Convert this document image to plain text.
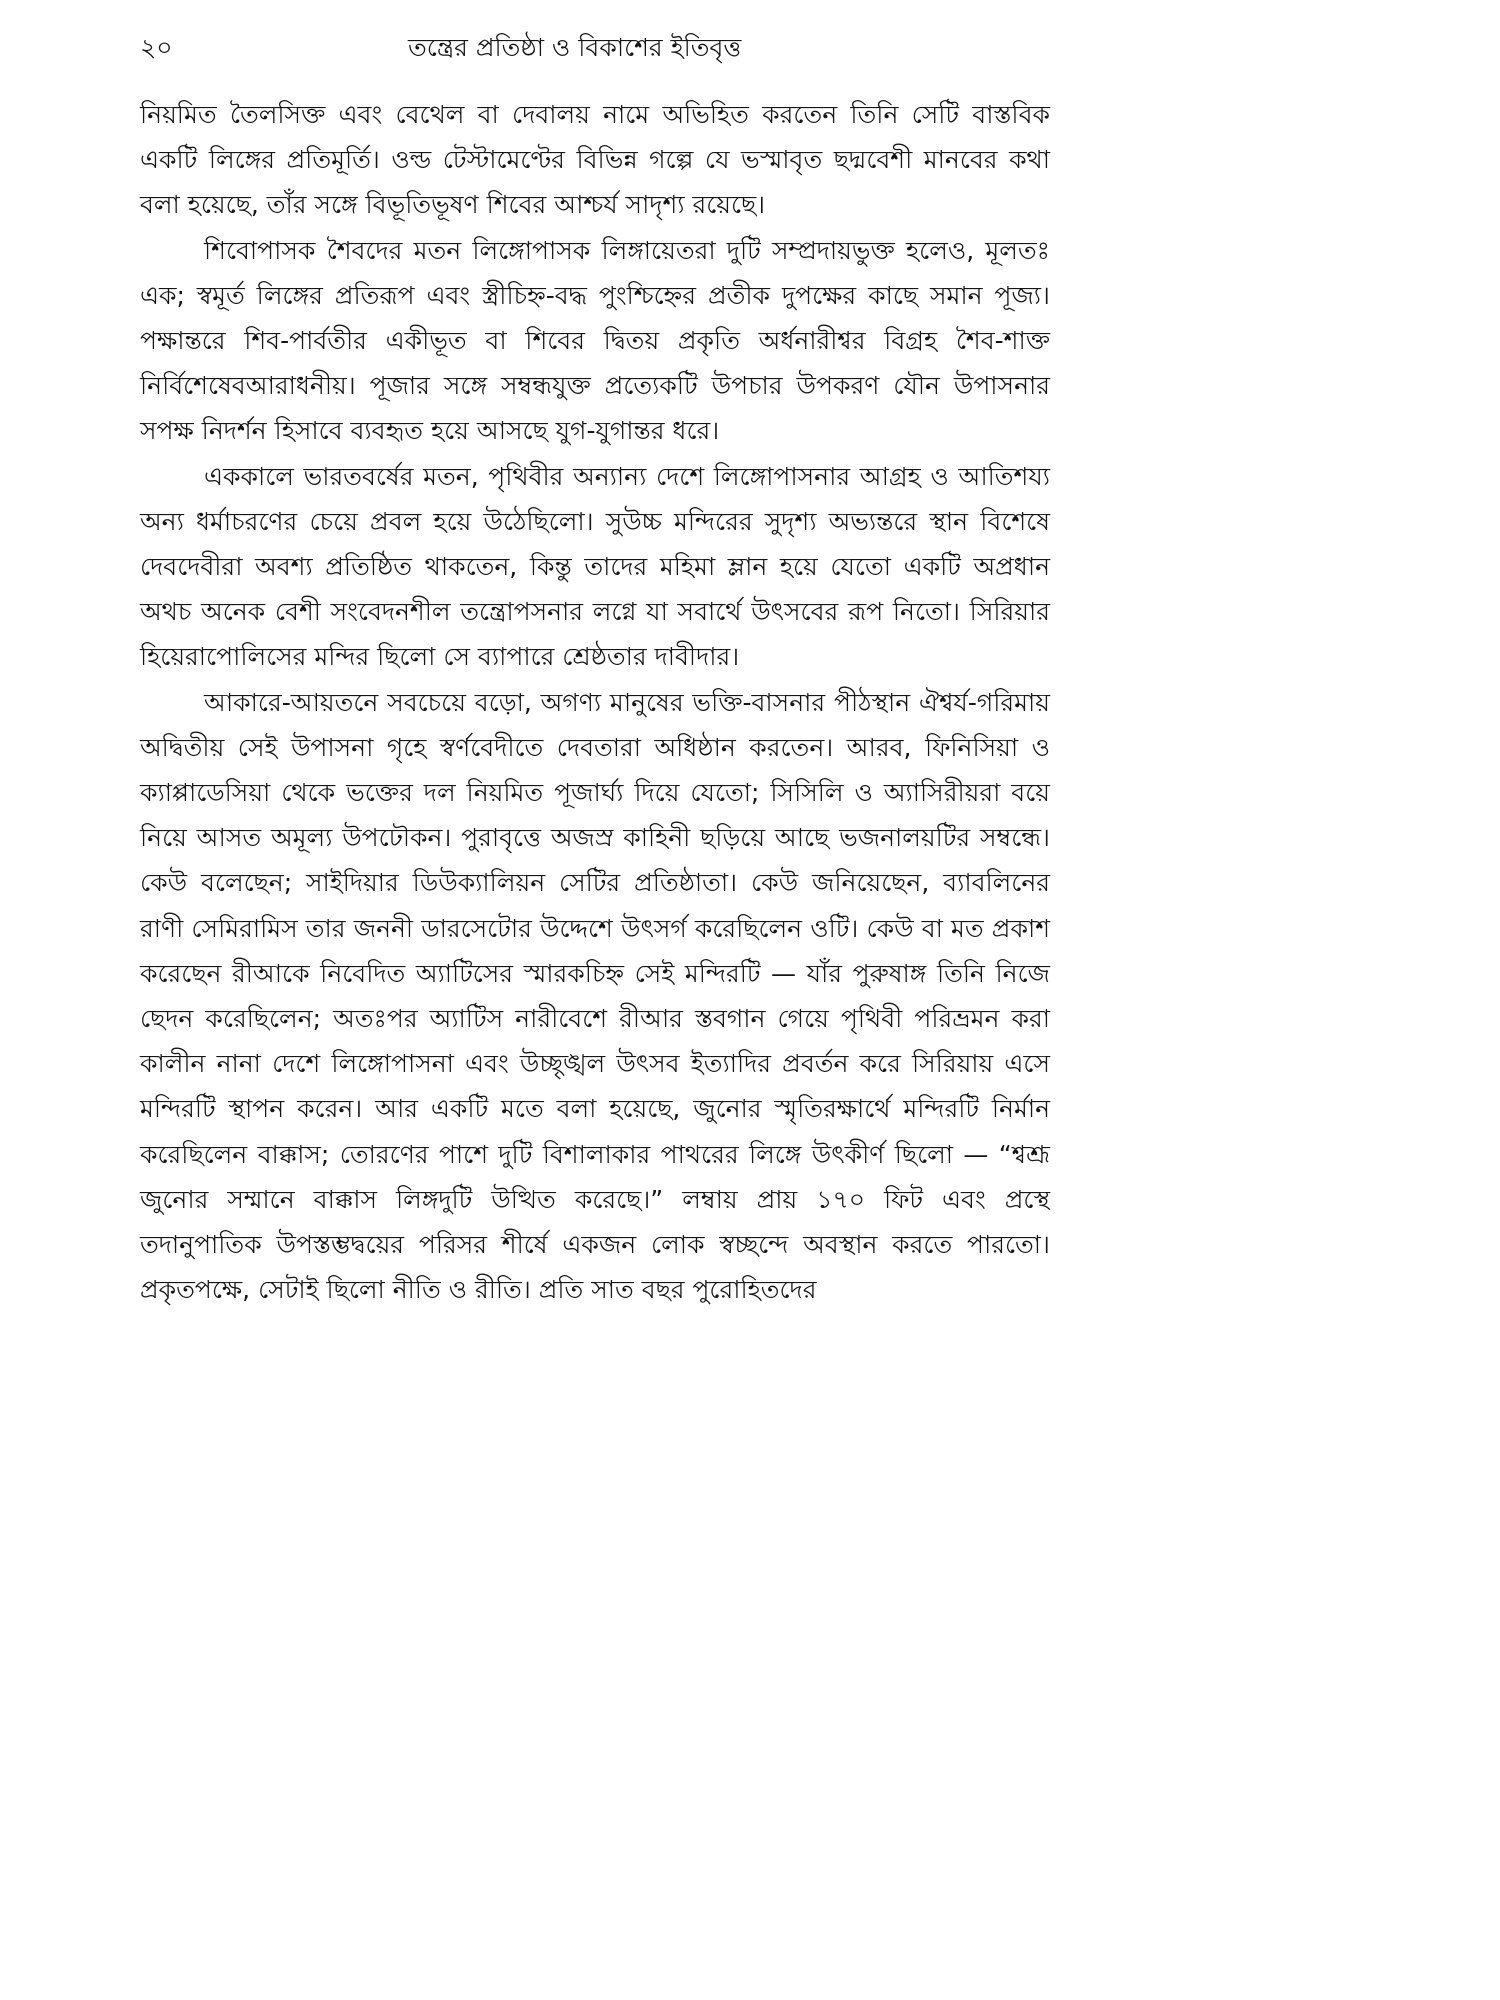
২০	তন্ত্রের প্রতিষ্ঠা ও বিকাশের ইতিবৃত্ত

নিয়মিত তৈলসিক্ত এবং বেথেল বা দেবালয় নামে অভিহিত করতেন তিনি সেটি বাস্তবিক একটি লিঙ্গের প্রতিমূর্তি। ওল্ড টেস্টামেণ্টের বিভিন্ন গল্পে যে ভস্মাবৃত ছদ্মবেশী মানবের কথা বলা হয়েছে, তাঁর সঙ্গে বিভূতিভূষণ শিবের আশ্চর্য সাদৃশ্য রয়েছে।

শিবোপাসক শৈবদের মতন লিঙ্গোপাসক লিঙ্গায়েতরা দুটি সম্প্রদায়ভুক্ত হলেও, মূলতঃ এক; স্বমূর্ত লিঙ্গের প্রতিরূপ এবং স্ত্রীচিহ্ন-বদ্ধ পুংশ্চিহ্নের প্রতীক দুপক্ষের কাছে সমান পূজ্য। পক্ষান্তরে শিব-পার্বতীর একীভূত বা শিবের দ্বিতয় প্রকৃতি অর্ধনারীশ্বর বিগ্রহ শৈব-শাক্ত নির্বিশেষেবআরাধনীয়। পূজার সঙ্গে সম্বন্ধযুক্ত প্রত্যেকটি উপচার উপকরণ যৌন উপাসনার সপক্ষ নিদর্শন হিসাবে ব্যবহৃত হয়ে আসছে যুগ-যুগান্তর ধরে।

এককালে ভারতবর্ষের মতন, পৃথিবীর অন্যান্য দেশে লিঙ্গোপাসনার আগ্রহ ও আতিশয্য অন্য ধর্মাচরণের চেয়ে প্রবল হয়ে উঠেছিলো। সুউচ্চ মন্দিরের সুদৃশ্য অভ্যন্তরে স্থান বিশেষে দেবদেবীরা অবশ্য প্রতিষ্ঠিত থাকতেন, কিন্তু তাদের মহিমা ম্লান হয়ে যেতো একটি অপ্রধান অথচ অনেক বেশী সংবেদনশীল তন্ত্রোপসনার লগ্নে যা সবার্থে উৎসবের রূপ নিতো। সিরিয়ার হিয়েরাপোলিসের মন্দির ছিলো সে ব্যাপারে শ্রেষ্ঠতার দাবীদার।

আকারে-আয়তনে সবচেয়ে বড়ো, অগণ্য মানুষের ভক্তি-বাসনার পীঠস্থান ঐশ্বর্য-গরিমায় অদ্বিতীয় সেই উপাসনা গৃহে স্বর্ণবেদীতে দেবতারা অধিষ্ঠান করতেন। আরব, ফিনিসিয়া ও ক্যাপ্পাডেসিয়া থেকে ভক্তের দল নিয়মিত পূজার্ঘ্য দিয়ে যেতো; সিসিলি ও অ্যাসিরীয়রা বয়ে নিয়ে আসত অমূল্য উপঢৌকন। পুরাবৃত্তে অজস্র কাহিনী ছড়িয়ে আছে ভজনালয়টির সম্বন্ধে। কেউ বলেছেন; সাইদিয়ার ডিউক্যালিয়ন সেটির প্রতিষ্ঠাতা। কেউ জনিয়েছেন, ব্যাবলিনের রাণী সেমিরামিস তার জননী ডারসেটোর উদ্দেশে উৎসর্গ করেছিলেন ওটি। কেউ বা মত প্রকাশ করেছেন রীআকে নিবেদিত অ্যাটিসের স্মারকচিহ্ন সেই মন্দিরটি — যাঁর পুরুষাঙ্গ তিনি নিজে ছেদন করেছিলেন; অতঃপর অ্যাটিস নারীবেশে রীআর স্তবগান গেয়ে পৃথিবী পরিভ্রমন করা কালীন নানা দেশে লিঙ্গোপাসনা এবং উচ্ছৃঙ্খল উৎসব ইত্যাদির প্রবর্তন করে সিরিয়ায় এসে মন্দিরটি স্থাপন করেন। আর একটি মতে বলা হয়েছে, জুনোর স্মৃতিরক্ষার্থে মন্দিরটি নির্মান করেছিলেন বাক্কাস; তোরণের পাশে দুটি বিশালাকার পাথরের লিঙ্গে উৎকীর্ণ ছিলো — “শ্বশ্রূ জুনোর সম্মানে বাক্কাস লিঙ্গদুটি উত্থিত করেছে।” লম্বায় প্রায় ১৭০ ফিট এবং প্রস্থে তদানুপাতিক উপস্তম্ভদ্বয়ের পরিসর শীর্ষে একজন লোক স্বচ্ছন্দে অবস্থান করতে পারতো। প্রকৃতপক্ষে, সেটাই ছিলো নীতি ও রীতি। প্রতি সাত বছর পুরোহিতদের
